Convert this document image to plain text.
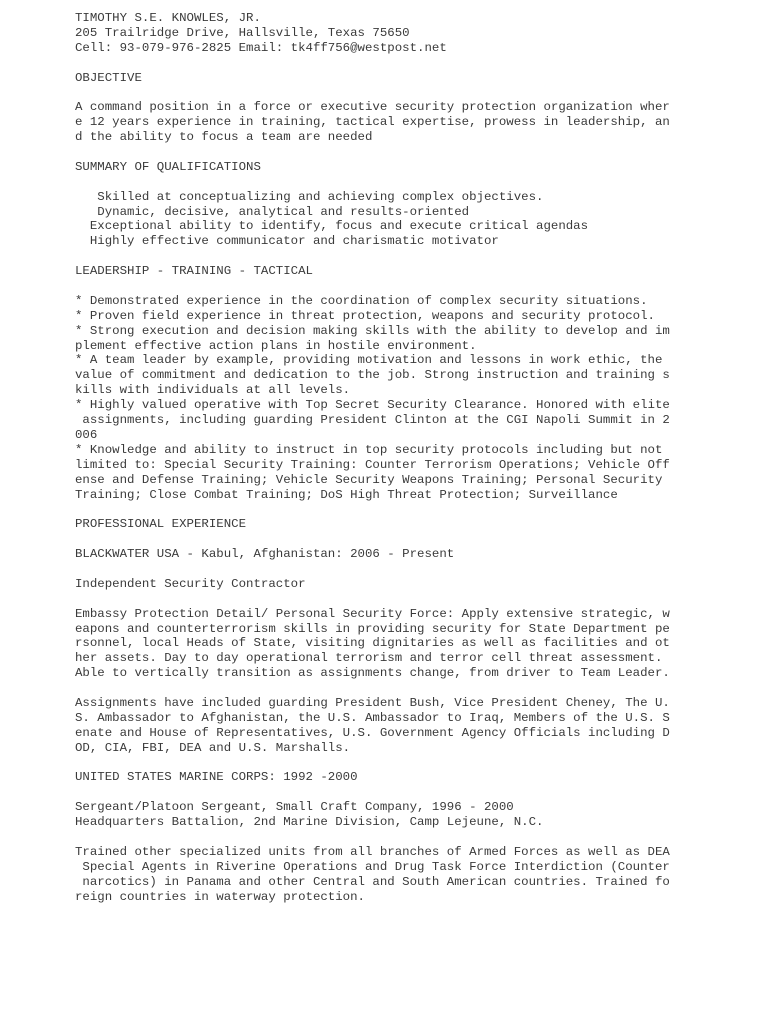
TIMOTHY S.E. KNOWLES, JR.
205 Trailridge Drive, Hallsville, Texas 75650
Cell: 93-079-976-2825 Email: tk4ff756@westpost.net
OBJECTIVE
A command position in a force or executive security protection organization wher
e 12 years experience in training, tactical expertise, prowess in leadership, an
d the ability to focus a team are needed
SUMMARY OF QUALIFICATIONS
Skilled at conceptualizing and achieving complex objectives.
Dynamic, decisive, analytical and results-oriented
Exceptional ability to identify, focus and execute critical agendas
Highly effective communicator and charismatic motivator
LEADERSHIP - TRAINING - TACTICAL
* Demonstrated experience in the coordination of complex security situations.
* Proven field experience in threat protection, weapons and security protocol.
* Strong execution and decision making skills with the ability to develop and im
plement effective action plans in hostile environment.
* A team leader by example, providing motivation and lessons in work ethic, the
value of commitment and dedication to the job. Strong instruction and training s
kills with individuals at all levels.
* Highly valued operative with Top Secret Security Clearance. Honored with elite
assignments, including guarding President Clinton at the CGI Napoli Summit in 2
006
* Knowledge and ability to instruct in top security protocols including but not
limited to: Special Security Training: Counter Terrorism Operations; Vehicle Off
ense and Defense Training; Vehicle Security Weapons Training; Personal Security
Training; Close Combat Training; DoS High Threat Protection; Surveillance
PROFESSIONAL EXPERIENCE
BLACKWATER USA - Kabul, Afghanistan: 2006 - Present
Independent Security Contractor
Embassy Protection Detail/ Personal Security Force: Apply extensive strategic, w
eapons and counterterrorism skills in providing security for State Department pe
rsonnel, local Heads of State, visiting dignitaries as well as facilities and ot
her assets. Day to day operational terrorism and terror cell threat assessment.
Able to vertically transition as assignments change, from driver to Team Leader.
Assignments have included guarding President Bush, Vice President Cheney, The U.
S. Ambassador to Afghanistan, the U.S. Ambassador to Iraq, Members of the U.S. S
enate and House of Representatives, U.S. Government Agency Officials including D
OD, CIA, FBI, DEA and U.S. Marshalls.
UNITED STATES MARINE CORPS: 1992 -2000
Sergeant/Platoon Sergeant, Small Craft Company, 1996 - 2000
Headquarters Battalion, 2nd Marine Division, Camp Lejeune, N.C.
Trained other specialized units from all branches of Armed Forces as well as DEA
Special Agents in Riverine Operations and Drug Task Force Interdiction (Counter
narcotics) in Panama and other Central and South American countries. Trained fo
reign countries in waterway protection.
